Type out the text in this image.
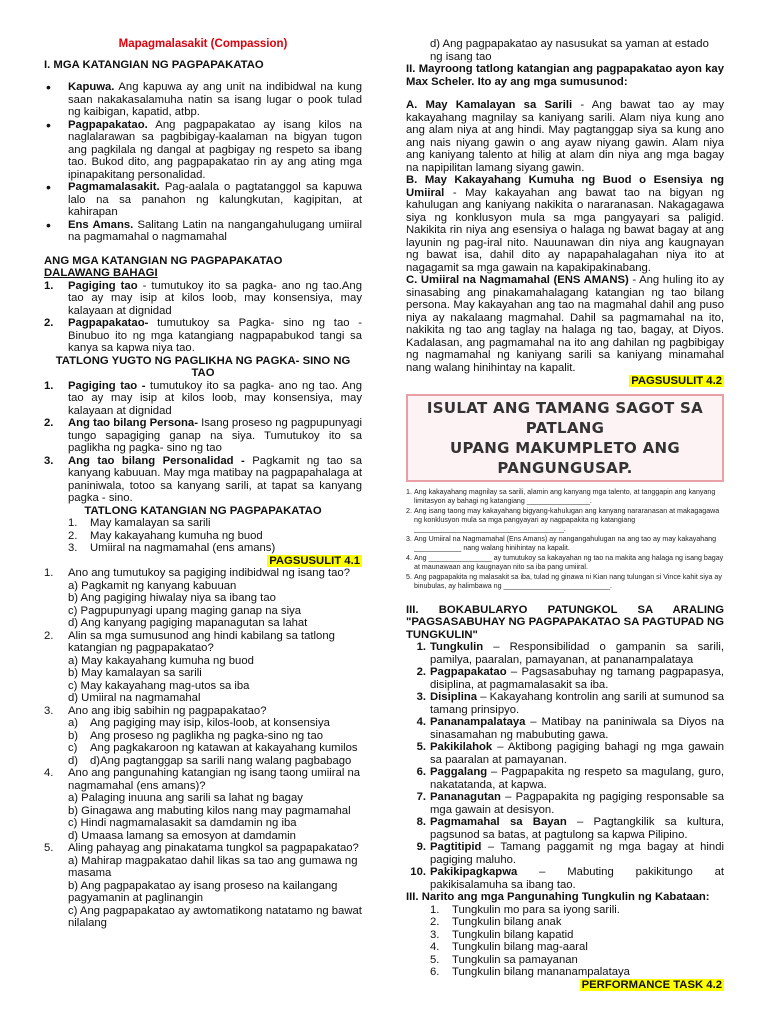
Mapagmalasakit (Compassion)
I. MGA KATANGIAN NG PAGPAPAKATAO
• Kapuwa. Ang kapuwa ay ang unit na indibidwal na kung saan nakakasalamuha natin sa isang lugar o pook tulad ng kaibigan, kapatid, atbp.
• Pagpapakatao. Ang pagpapakatao ay isang kilos na naglalarawan sa pagbibigay-kaalaman na bigyan tugon ang pagkilala ng dangal at pagbigay ng respeto sa ibang tao. Bukod dito, ang pagpapakatao rin ay ang ating mga ipinapakitang personalidad.
• Pagmamalasakit. Pag-aalala o pagtatanggol sa kapuwa lalo na sa panahon ng kalungkutan, kagipitan, at kahirapan
• Ens Amans. Salitang Latin na nangangahulugang umiiral na pagmamahal o nagmamahal
ANG MGA KATANGIAN NG PAGPAPAKATAO
DALAWANG BAHAGI
1. Pagiging tao - tumutukoy ito sa pagka- ano ng tao.Ang tao ay may isip at kilos loob, may konsensiya, may kalayaan at dignidad
2. Pagpapakatao- tumutukoy sa Pagka- sino ng tao - Binubuo ito ng mga katangiang nagpapabukod tangi sa kanya sa kapwa niya tao.
TATLONG YUGTO NG PAGLIKHA NG PAGKA- SINO NG TAO
1. Pagiging tao - tumutukoy ito sa pagka- ano ng tao. Ang tao ay may isip at kilos loob, may konsensiya, may kalayaan at dignidad
2. Ang tao bilang Persona- Isang proseso ng pagpupunyagi tungo sapagiging ganap na siya. Tumutukoy ito sa paglikha ng pagka- sino ng tao
3. Ang tao bilang Personalidad - Pagkamit ng tao sa kanyang kabuuan. May mga matibay na pagpapahalaga at paniniwala, totoo sa kanyang sarili, at tapat sa kanyang pagka - sino.
TATLONG KATANGIAN NG PAGPAPAKATAO
1. 1. May kamalayan sa sarili
2. 2. May kakayahang kumuha ng buod
3. 3. Umiiral na nagmamahal (ens amans)
PAGSUSULIT 4.1
1. 1. Ano ang tumutukoy sa pagiging indibidwal ng isang tao?
a) Pagkamit ng kanyang kabuuan
b) Ang pagiging hiwalay niya sa ibang tao
c) Pagpupunyagi upang maging ganap na siya
d) Ang kanyang pagiging mapanagutan sa lahat
2. 2. Alin sa mga sumusunod ang hindi kabilang sa tatlong katangian ng pagpapakatao?
a) May kakayahang kumuha ng buod
b) May kamalayan sa sarili
c) May kakayahang mag-utos sa iba
d) Umiiral na nagmamahal
3. 3. Ano ang ibig sabihin ng pagpapakatao?
a)	Ang pagiging may isip, kilos-loob, at konsensiya
b)	Ang proseso ng paglikha ng pagka-sino ng tao
c)	Ang pagkakaroon ng katawan at kakayahang kumilos
d)	d)Ang pagtanggap sa sarili nang walang pagbabago
4. 4. Ano ang pangunahing katangian ng isang taong umiiral na nagmamahal (ens amans)?
a) Palaging inuuna ang sarili sa lahat ng bagay
b) Ginagawa ang mabuting kilos nang may pagmamahal
c) Hindi nagmamalasakit sa damdamin ng iba
d) Umaasa lamang sa emosyon at damdamin
5. 5. Aling pahayag ang pinakatama tungkol sa pagpapakatao?
a) Mahirap magpakatao dahil likas sa tao ang gumawa ng masama
b) Ang pagpapakatao ay isang proseso na kailangang pagyamanin at paglinangin
c) Ang pagpapakatao ay awtomatikong natatamo ng bawat nilalang
d) Ang pagpapakatao ay nasusukat sa yaman at estado ng isang tao
II. Mayroong tatlong katangian ang pagpapakatao ayon kay Max Scheler. Ito ay ang mga sumusunod:
A. May Kamalayan sa Sarili - Ang bawat tao ay may kakayahang magnilay sa kaniyang sarili. Alam niya kung ano ang alam niya at ang hindi. May pagtanggap siya sa kung ano ang nais niyang gawin o ang ayaw niyang gawin. Alam niya ang kaniyang talento at hilig at alam din niya ang mga bagay na napipilitan lamang siyang gawin.
B. May Kakayahang Kumuha ng Buod o Esensiya ng Umiiral - May kakayahan ang bawat tao na bigyan ng kahulugan ang kaniyang nakikita o nararanasan. Nakagagawa siya ng konklusyon mula sa mga pangyayari sa paligid. Nakikita rin niya ang esensiya o halaga ng bawat bagay at ang layunin ng pag-iral nito. Nauunawan din niya ang kaugnayan ng bawat isa, dahil dito ay napapahalagahan niya ito at nagagamit sa mga gawain na kapakipakinabang.
C. Umiiral na Nagmamahal (ENS AMANS) - Ang huling ito ay sinasabing ang pinakamahalagang katangian ng tao bilang persona. May kakayahan ang tao na magmahal dahil ang puso niya ay nakalaang magmahal. Dahil sa pagmamahal na ito, nakikita ng tao ang taglay na halaga ng tao, bagay, at Diyos. Kadalasan, ang pagmamahal na ito ang dahilan ng pagbibigay ng nagmamahal ng kaniyang sarili sa kaniyang minamahal nang walang hinihintay na kapalit.
PAGSUSULIT 4.2
ISULAT ANG TAMANG SAGOT SA PATLANG
UPANG MAKUMPLETO ANG PANGUNGUSAP.
1. Ang kakayahang magnilay sa sarili, alamin ang kanyang mga talento, at tanggapin ang kanyang limitasyon ay bahagi ng katangiang ________________.
2. Ang isang taong may kakayahang bigyang-kahulugan ang kanyang nararanasan at makagagawa ng konklusyon mula sa mga pangyayari ay nagpapakita ng katangiang ______________________________________.
3. Ang Umiiral na Nagmamahal (Ens Amans) ay nangangahulugan na ang tao ay may kakayahang ____________ nang walang hinihintay na kapalit.
4. Ang ________________ ay tumutukoy sa kakayahan ng tao na makita ang halaga ng isang bagay at maunawaan ang kaugnayan nito sa iba pang umiiral.
5. Ang pagpapakita ng malasakit sa iba, tulad ng ginawa ni Kian nang tulungan si Vince kahit siya ay binubulas, ay halimbawa ng ___________________________.
III. BOKABULARYO PATUNGKOL SA ARALING "PAGSASABUHAY NG PAGPAPAKATAO SA PAGTUPAD NG TUNGKULIN"
1. 1. Tungkulin – Responsibilidad o gampanin sa sarili, pamilya, paaralan, pamayanan, at pananampalataya
2. 2. Pagpapakatao – Pagsasabuhay ng tamang pagpapasya, disiplina, at pagmamalasakit sa iba.
3. 3. Disiplina – Kakayahang kontrolin ang sarili at sumunod sa tamang prinsipyo.
4. 4. Pananampalataya – Matibay na paniniwala sa Diyos na sinasamahan ng mabubuting gawa.
5. 5. Pakikilahok – Aktibong pagiging bahagi ng mga gawain sa paaralan at pamayanan.
6. 6. Paggalang – Pagpapakita ng respeto sa magulang, guro, nakatatanda, at kapwa.
7. 7. Pananagutan – Pagpapakita ng pagiging responsable sa mga gawain at desisyon.
8. 8. Pagmamahal sa Bayan – Pagtangkilik sa kultura, pagsunod sa batas, at pagtulong sa kapwa Pilipino.
9. 9. Pagtitipid – Tamang paggamit ng mga bagay at hindi pagiging maluho.
10. 10. Pakikipagkapwa – Mabuting pakikitungo at pakikisalamuha sa ibang tao.
III. Narito ang mga Pangunahing Tungkulin ng Kabataan:
1. 1. Tungkulin mo para sa iyong sarili.
2. 2. Tungkulin bilang anak
3. 3. Tungkulin bilang kapatid
4. 4. Tungkulin bilang mag-aaral
5. 5. Tungkulin sa pamayanan
6. 6. Tungkulin bilang mananampalataya
PERFORMANCE TASK 4.2
